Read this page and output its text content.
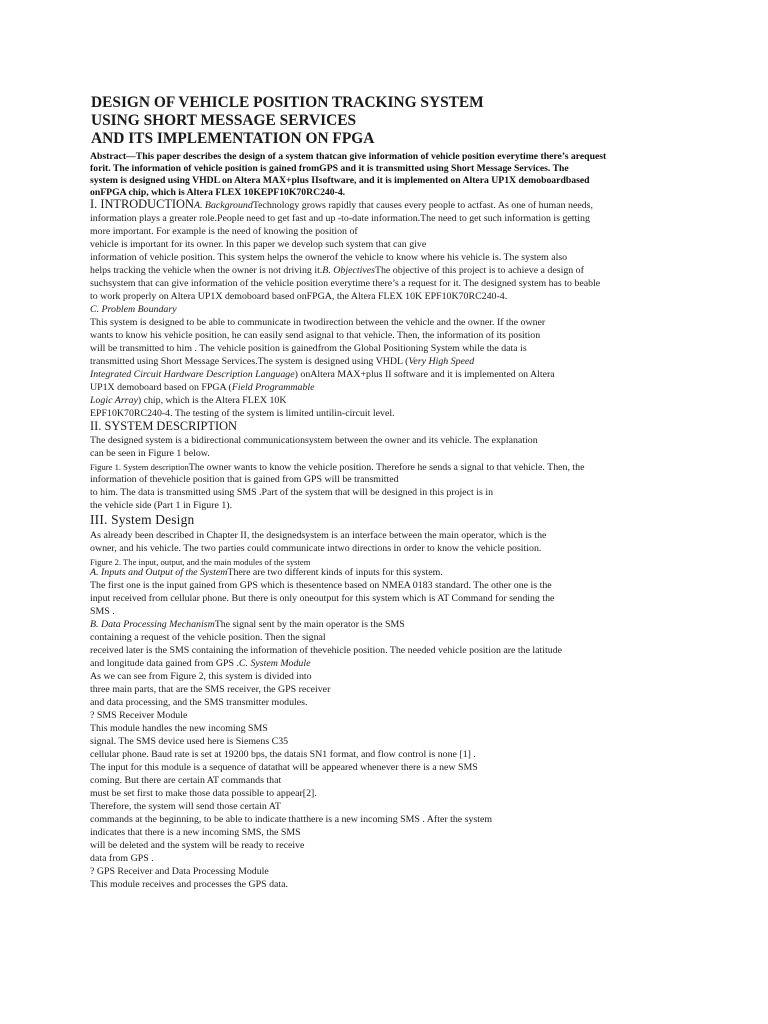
DESIGN OF VEHICLE POSITION TRACKING SYSTEM
USING SHORT MESSAGE SERVICES
AND ITS IMPLEMENTATION ON FPGA
Abstract—This paper describes the design of a system thatcan give information of vehicle position everytime there’s arequest
forit. The information of vehicle position is gained fromGPS and it is transmitted using Short Message Services. The
system is designed using VHDL on Altera MAX+plus IIsoftware, and it is implemented on Altera UP1X demoboardbased
onFPGA chip, which is Altera FLEX 10KEPF10K70RC240-4.
I. INTRODUCTIONA. BackgroundTechnology grows rapidly that causes every people to actfast. As one of human needs,
information plays a greater role.People need to get fast and up -to-date information.The need to get such information is getting
more important. For example is the need of knowing the position of
vehicle is important for its owner. In this paper we develop such system that can give
information of vehicle position. This system helps the ownerof the vehicle to know where his vehicle is. The system also
helps tracking the vehicle when the owner is not driving it.B. ObjectivesThe objective of this project is to achieve a design of
suchsystem that can give information of the vehicle position everytime there’s a request for it. The designed system has to beable
to work properly on Altera UP1X demoboard based onFPGA, the Altera FLEX 10K EPF10K70RC240-4.
C. Problem Boundary
This system is designed to be able to communicate in twodirection between the vehicle and the owner. If the owner
wants to know his vehicle position, he can easily send asignal to that vehicle. Then, the information of its position
will be transmitted to him . The vehicle position is gainedfrom the Global Positioning System while the data is
transmitted using Short Message Services.The system is designed using VHDL (Very High Speed
Integrated Circuit Hardware Description Language) onAltera MAX+plus II software and it is implemented on Altera
UP1X demoboard based on FPGA (Field Programmable
Logic Array) chip, which is the Altera FLEX 10K
EPF10K70RC240-4. The testing of the system is limited untilin-circuit level.
II. SYSTEM DESCRIPTION
The designed system is a bidirectional communicationsystem between the owner and its vehicle. The explanation
can be seen in Figure 1 below.
Figure 1. System descriptionThe owner wants to know the vehicle position. Therefore he sends a signal to that vehicle. Then, the
information of thevehicle position that is gained from GPS will be transmitted
to him. The data is transmitted using SMS .Part of the system that will be designed in this project is in
the vehicle side (Part 1 in Figure 1).
III. System Design
As already been described in Chapter II, the designedsystem is an interface between the main operator, which is the
owner, and his vehicle. The two parties could communicate intwo directions in order to know the vehicle position.
Figure 2. The input, output, and the main modules of the system
A. Inputs and Output of the SystemThere are two different kinds of inputs for this system.
The first one is the input gained from GPS which is thesentence based on NMEA 0183 standard. The other one is the
input received from cellular phone. But there is only oneoutput for this system which is AT Command for sending the
SMS .
B. Data Processing MechanismThe signal sent by the main operator is the SMS
containing a request of the vehicle position. Then the signal
received later is the SMS containing the information of thevehicle position. The needed vehicle position are the latitude
and longitude data gained from GPS .C. System Module
As we can see from Figure 2, this system is divided into
three main parts, that are the SMS receiver, the GPS receiver
and data processing, and the SMS transmitter modules.
? SMS Receiver Module
This module handles the new incoming SMS
signal. The SMS device used here is Siemens C35
cellular phone. Baud rate is set at 19200 bps, the datais SN1 format, and flow control is none [1] .
The input for this module is a sequence of datathat will be appeared whenever there is a new SMS
coming. But there are certain AT commands that
must be set first to make those data possible to appear[2].
Therefore, the system will send those certain AT
commands at the beginning, to be able to indicate thatthere is a new incoming SMS . After the system
indicates that there is a new incoming SMS, the SMS
will be deleted and the system will be ready to receive
data from GPS .
? GPS Receiver and Data Processing Module
This module receives and processes the GPS data.
